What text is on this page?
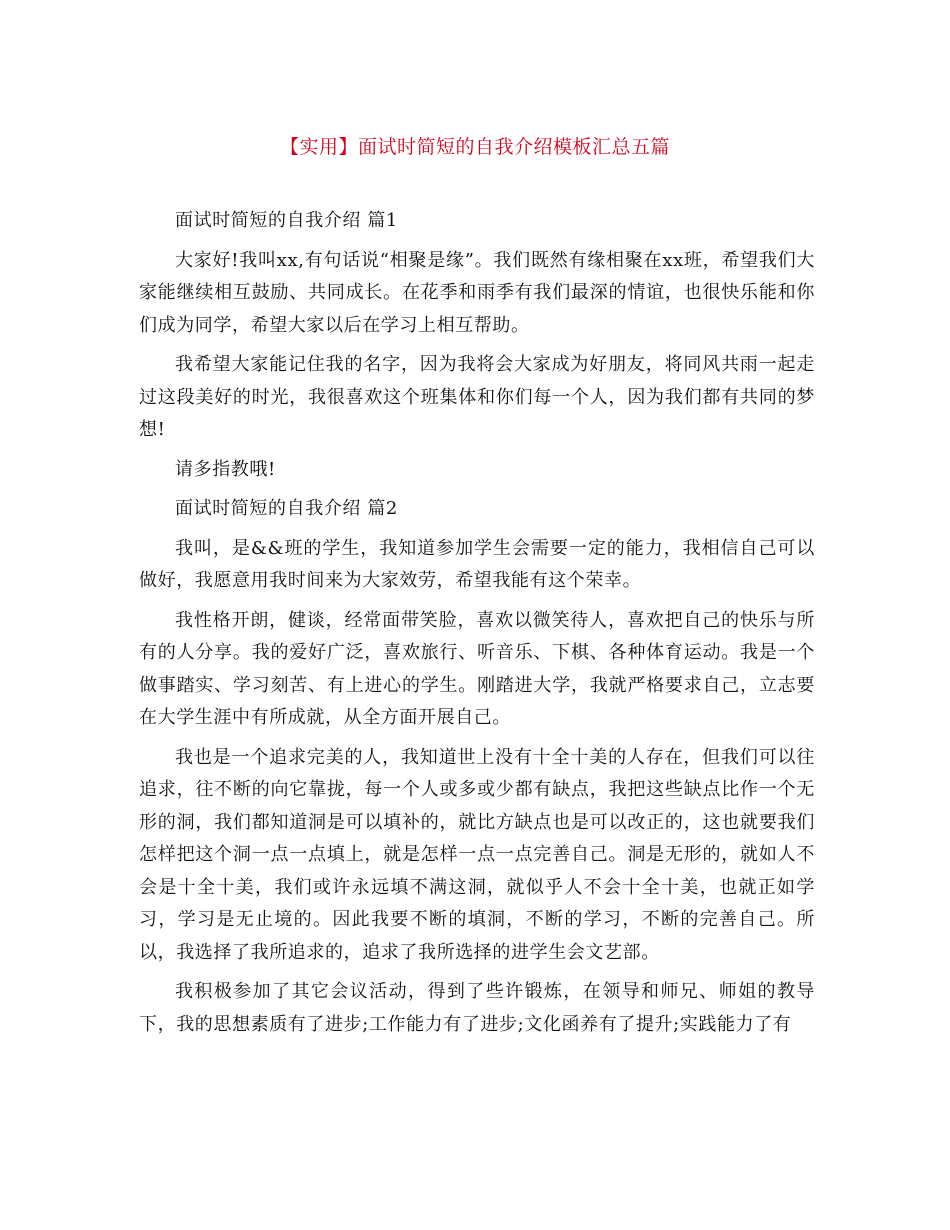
【实用】面试时简短的自我介绍模板汇总五篇

面试时简短的自我介绍 篇1

大家好!我叫xx,有句话说“相聚是缘”。我们既然有缘相聚在xx班，希望我们大家能继续相互鼓励、共同成长。在花季和雨季有我们最深的情谊，也很快乐能和你们成为同学，希望大家以后在学习上相互帮助。

我希望大家能记住我的名字，因为我将会大家成为好朋友，将同风共雨一起走过这段美好的时光，我很喜欢这个班集体和你们每一个人，因为我们都有共同的梦想!

请多指教哦!

面试时简短的自我介绍 篇2

我叫，是&&班的学生，我知道参加学生会需要一定的能力，我相信自己可以做好，我愿意用我时间来为大家效劳，希望我能有这个荣幸。

我性格开朗，健谈，经常面带笑脸，喜欢以微笑待人，喜欢把自己的快乐与所有的人分享。我的爱好广泛，喜欢旅行、听音乐、下棋、各种体育运动。我是一个做事踏实、学习刻苦、有上进心的学生。刚踏进大学，我就严格要求自己，立志要在大学生涯中有所成就，从全方面开展自己。

我也是一个追求完美的人，我知道世上没有十全十美的人存在，但我们可以往追求，往不断的向它靠拢，每一个人或多或少都有缺点，我把这些缺点比作一个无形的洞，我们都知道洞是可以填补的，就比方缺点也是可以改正的，这也就要我们怎样把这个洞一点一点填上，就是怎样一点一点完善自己。洞是无形的，就如人不会是十全十美，我们或许永远填不满这洞，就似乎人不会十全十美，也就正如学习，学习是无止境的。因此我要不断的填洞，不断的学习，不断的完善自己。所以，我选择了我所追求的，追求了我所选择的进学生会文艺部。

我积极参加了其它会议活动，得到了些许锻炼，在领导和师兄、师姐的教导下，我的思想素质有了进步;工作能力有了进步;文化函养有了提升;实践能力了有
